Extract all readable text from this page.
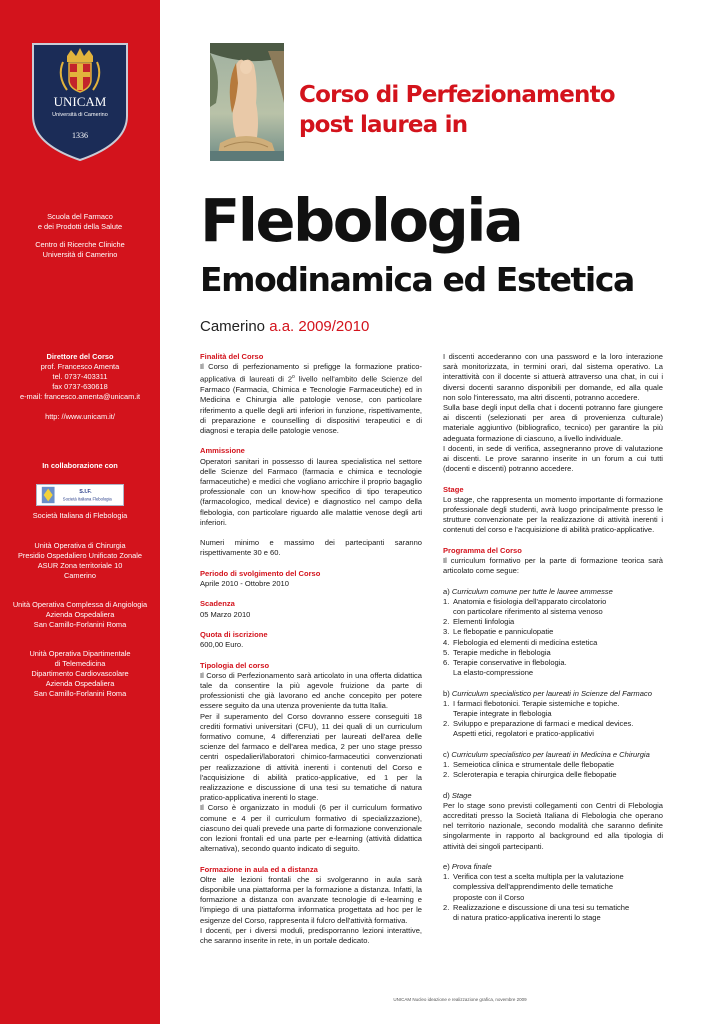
UNICAM
Università di Camerino
1336

Scuola del Farmaco

e dei Prodotti della Salute

Centro di Ricerche Cliniche

Università di Camerino

Direttore del Corso

prof. Francesco Amenta

tel. 0737-403311

fax 0737-630618

e-mail: francesco.amenta@unicam.it

http: //www.unicam.it/

In collaborazione con

S.I.F.
Società Italiana Flebologia

Società Italiana di Flebologia

Unità Operativa di Chirurgia

Presidio Ospedaliero Unificato Zonale

ASUR Zona territoriale 10

Camerino

Unità Operativa Complessa di Angiologia

Azienda Ospedaliera

San Camillo-Forlanini Roma

Unità Operativa Dipartimentale

di Telemedicina

Dipartimento Cardiovascolare

Azienda Ospedaliera

San Camillo-Forlanini Roma

Corso di Perfezionamento
post laurea in
Flebologia
Emodinamica ed Estetica
Camerino a.a. 2009/2010
Finalità del Corso

Il Corso di perfezionamento si prefigge la formazione pratico-applicativa di laureati di 2$^o$ livello nell'ambito delle Scienze del Farmaco (Farmacia, Chimica e Tecnologie Farmaceutiche) ed in Medicina e Chirurgia alle patologie venose, con particolare riferimento a quelle degli arti inferiori in funzione, rispettivamente, di preparazione e counselling di dispositivi terapeutici e di diagnosi e terapia delle patologie venose.

Ammissione

Operatori sanitari in possesso di laurea specialistica nel settore delle Scienze del Farmaco (farmacia e chimica e tecnologie farmaceutiche) e medici che vogliano arricchire il proprio bagaglio professionale con un know-how specifico di tipo terapeutico (farmacologico, medical device) e diagnostico nel campo della flebologia, con particolare riguardo alle malattie venose degli arti inferiori.

Numeri minimo e massimo dei partecipanti saranno rispettivamente 30 e 60.

Periodo di svolgimento del Corso

Aprile 2010 - Ottobre 2010

Scadenza

05 Marzo 2010

Quota di iscrizione

600,00 Euro.

Tipologia del corso

Il Corso di Perfezionamento sarà articolato in una offerta didattica tale da consentire la più agevole fruizione da parte di professionisti che già lavorano ed anche concepito per potere essere seguito da una utenza proveniente da tutta Italia.

Per il superamento del Corso dovranno essere conseguiti 18 crediti formativi universitari (CFU), 11 dei quali di un curriculum formativo comune, 4 differenziati per laureati dell'area delle scienze del farmaco e dell'area medica, 2 per uno stage presso centri ospedalieri/laboratori chimico-farmaceutici convenzionati per realizzazione di attività inerenti i contenuti del Corso e l'acquisizione di abilità pratico-applicative, ed 1 per la realizzazione e discussione di una tesi su tematiche di natura pratico-applicativa inerenti lo stage.

Il Corso è organizzato in moduli (6 per il curriculum formativo comune e 4 per il curriculum formativo di specializzazione), ciascuno dei quali prevede una parte di formazione convenzionale con lezioni frontali ed una parte per e-learning (attività didattica alternativa), secondo quanto indicato di seguito.

Formazione in aula ed a distanza

Oltre alle lezioni frontali che si svolgeranno in aula sarà disponibile una piattaforma per la formazione a distanza. Infatti, la formazione a distanza con avanzate tecnologie di e-learning e l'impiego di una piattaforma informatica progettata ad hoc per le esigenze del Corso, rappresenta il fulcro dell'attività formativa.

I docenti, per i diversi moduli, predisporranno lezioni interattive, che saranno inserite in rete, in un portale dedicato.

I discenti accederanno con una password e la loro interazione sarà monitorizzata, in termini orari, dal sistema operativo. La interattività con il docente si attuerà attraverso una chat, in cui i diversi docenti saranno disponibili per domande, ed alla quale non solo l'interessato, ma altri discenti, potranno accedere.

Sulla base degli input della chat i docenti potranno fare giungere ai discenti (selezionati per area di provenienza culturale) materiale aggiuntivo (bibliografico, tecnico) per garantire la più adeguata formazione di ciascuno, a livello individuale.

I docenti, in sede di verifica, assegneranno prove di valutazione ai discenti. Le prove saranno inserite in un forum a cui tutti (docenti e discenti) potranno accedere.

Stage

Lo stage, che rappresenta un momento importante di formazione professionale degli studenti, avrà luogo principalmente presso le strutture convenzionate per la realizzazione di attività inerenti i contenuti del corso e l'acquisizione di abilità pratico-applicative.

Programma del Corso

Il curriculum formativo per la parte di formazione teorica sarà articolato come segue:

a) Curriculum comune per tutte le lauree ammesse

1. Anatomia e fisiologia dell'apparato circolatorio
con particolare riferimento al sistema venoso
2. Elementi linfologia
3. Le flebopatie e panniculopatie
4. Flebologia ed elementi di medicina estetica
5. Terapie mediche in flebologia
6. Terapie conservative in flebologia.
La elasto-compressione

b) Curriculum specialistico per laureati in Scienze del Farmaco

1. I farmaci flebotonici. Terapie sistemiche e topiche.
Terapie integrate in flebologia
2. Sviluppo e preparazione di farmaci e medical devices.
Aspetti etici, regolatori e pratico-applicativi

c) Curriculum specialistico per laureati in Medicina e Chirurgia

1. Semeiotica clinica e strumentale delle flebopatie
2. Scleroterapia e terapia chirurgica delle flebopatie

d) Stage

Per lo stage sono previsti collegamenti con Centri di Flebologia accreditati presso la Società Italiana di Flebologia che operano nel territorio nazionale, secondo modalità che saranno definite singolarmente in rapporto al background ed alla tipologia di attività dei singoli partecipanti.

e) Prova finale

1. Verifica con test a scelta multipla per la valutazione
complessiva dell'apprendimento delle tematiche
proposte con il Corso
2. Realizzazione e discussione di una tesi su tematiche
di natura pratico-applicativa inerenti lo stage
UNICAM Nucleo ideazione e realizzazione grafica, novembre 2009
